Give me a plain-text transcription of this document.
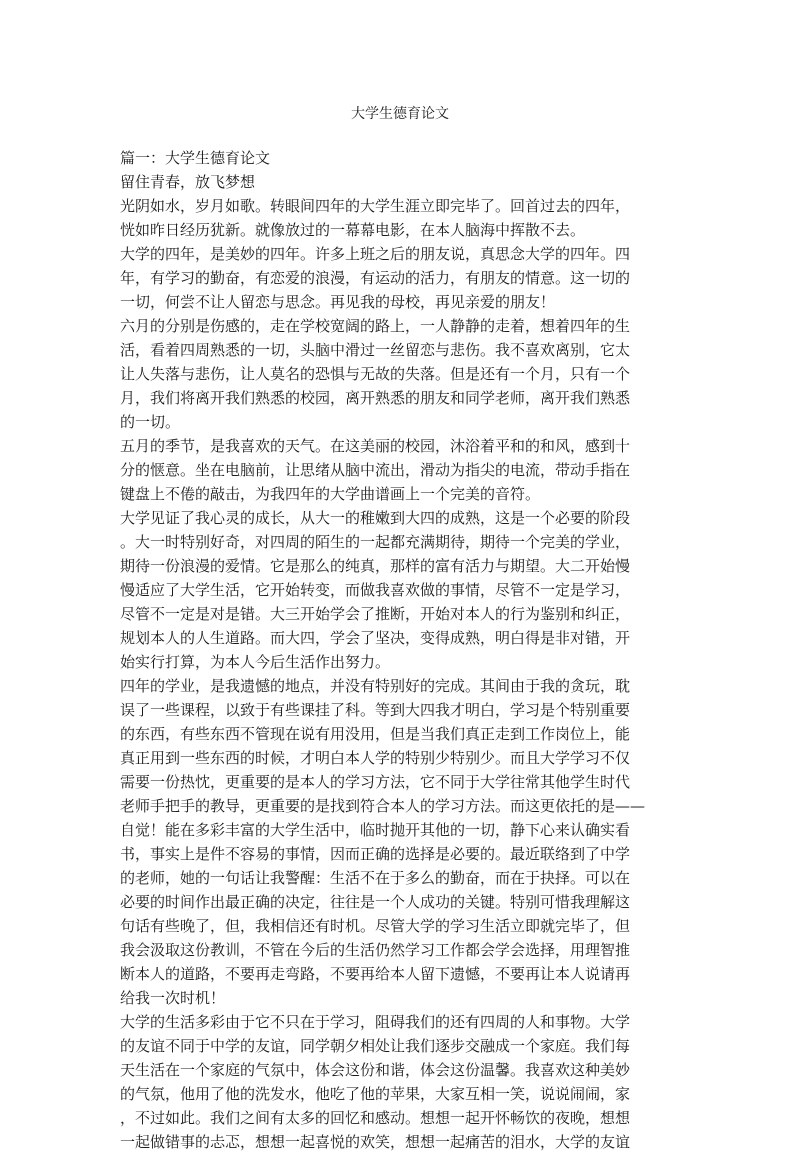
大学生德育论文
篇一：大学生德育论文
留住青春，放飞梦想
光阴如水，岁月如歌。转眼间四年的大学生涯立即完毕了。回首过去的四年，
恍如昨日经历犹新。就像放过的一幕幕电影，在本人脑海中挥散不去。
大学的四年，是美妙的四年。许多上班之后的朋友说，真思念大学的四年。四
年，有学习的勤奋，有恋爱的浪漫，有运动的活力，有朋友的情意。这一切的
一切，何尝不让人留恋与思念。再见我的母校，再见亲爱的朋友！
六月的分别是伤感的，走在学校宽阔的路上，一人静静的走着，想着四年的生
活，看着四周熟悉的一切，头脑中滑过一丝留恋与悲伤。我不喜欢离别，它太
让人失落与悲伤，让人莫名的恐惧与无故的失落。但是还有一个月，只有一个
月，我们将离开我们熟悉的校园，离开熟悉的朋友和同学老师，离开我们熟悉
的一切。
五月的季节，是我喜欢的天气。在这美丽的校园，沐浴着平和的和风，感到十
分的惬意。坐在电脑前，让思绪从脑中流出，滑动为指尖的电流，带动手指在
键盘上不倦的敲击，为我四年的大学曲谱画上一个完美的音符。
大学见证了我心灵的成长，从大一的稚嫩到大四的成熟，这是一个必要的阶段
。大一时特别好奇，对四周的陌生的一起都充满期待，期待一个完美的学业，
期待一份浪漫的爱情。它是那么的纯真，那样的富有活力与期望。大二开始慢
慢适应了大学生活，它开始转变，而做我喜欢做的事情，尽管不一定是学习，
尽管不一定是对是错。大三开始学会了推断，开始对本人的行为鉴别和纠正，
规划本人的人生道路。而大四，学会了坚决，变得成熟，明白得是非对错，开
始实行打算，为本人今后生活作出努力。
四年的学业，是我遗憾的地点，并没有特别好的完成。其间由于我的贪玩，耽
误了一些课程，以致于有些课挂了科。等到大四我才明白，学习是个特别重要
的东西，有些东西不管现在说有用没用，但是当我们真正走到工作岗位上，能
真正用到一些东西的时候，才明白本人学的特别少特别少。而且大学学习不仅
需要一份热忱，更重要的是本人的学习方法，它不同于大学往常其他学生时代
老师手把手的教导，更重要的是找到符合本人的学习方法。而这更依托的是——
自觉！能在多彩丰富的大学生活中，临时抛开其他的一切，静下心来认确实看
书，事实上是件不容易的事情，因而正确的选择是必要的。最近联络到了中学
的老师，她的一句话让我警醒：生活不在于多么的勤奋，而在于抉择。可以在
必要的时间作出最正确的决定，往往是一个人成功的关键。特别可惜我理解这
句话有些晚了，但，我相信还有时机。尽管大学的学习生活立即就完毕了，但
我会汲取这份教训，不管在今后的生活仍然学习工作都会学会选择，用理智推
断本人的道路，不要再走弯路，不要再给本人留下遗憾，不要再让本人说请再
给我一次时机！
大学的生活多彩由于它不只在于学习，阻碍我们的还有四周的人和事物。大学
的友谊不同于中学的友谊，同学朝夕相处让我们逐步交融成一个家庭。我们每
天生活在一个家庭的气氛中，体会这份和谐，体会这份温馨。我喜欢这种美妙
的气氛，他用了他的洗发水，他吃了他的苹果，大家互相一笑，说说闹闹，家
，不过如此。我们之间有太多的回忆和感动。想想一起开怀畅饮的夜晚，想想
一起做错事的忐忑，想想一起喜悦的欢笑，想想一起痛苦的泪水，大学的友谊
